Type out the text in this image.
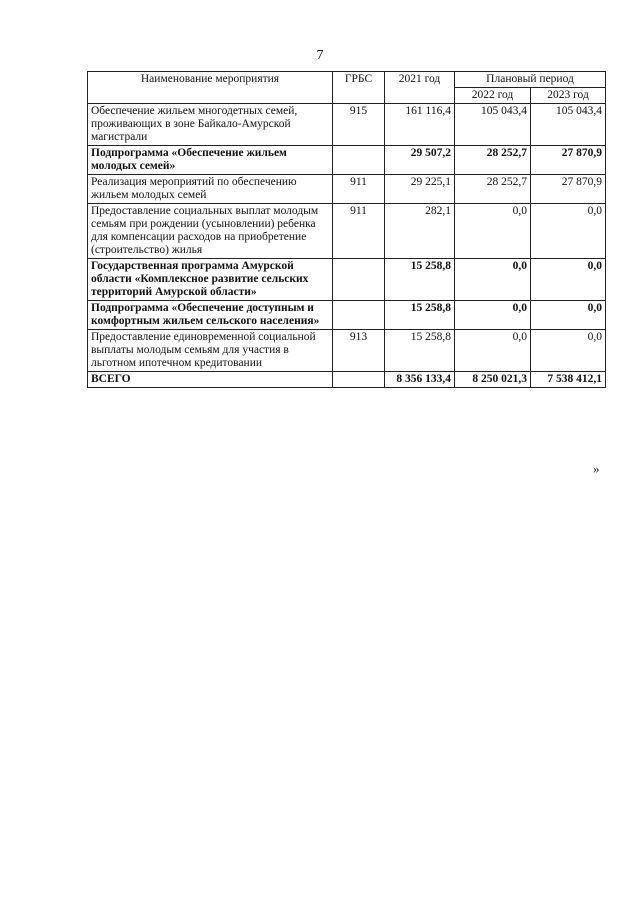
7
Наименование мероприятия	ГРБС	2021 год	Плановый период	
			2022 год	2023 год
Обеспечение жильем многодетных семей, проживающих в зоне Байкало-Амурской магистрали	915	161 116,4	105 043,4	105 043,4
Подпрограмма «Обеспечение жильем молодых семей»		29 507,2	28 252,7	27 870,9
Реализация мероприятий по обеспечению жильем молодых семей	911	29 225,1	28 252,7	27 870,9
Предоставление социальных выплат молодым семьям при рождении (усыновлении) ребенка для компенсации расходов на приобретение (строительство) жилья	911	282,1	0,0	0,0
Государственная программа Амурской области «Комплексное развитие сельских территорий Амурской области»		15 258,8	0,0	0,0
Подпрограмма «Обеспечение доступным и комфортным жильем сельского населения»		15 258,8	0,0	0,0
Предоставление единовременной социальной выплаты молодым семьям для участия в льготном ипотечном кредитовании	913	15 258,8	0,0	0,0
ВСЕГО		8 356 133,4	8 250 021,3	7 538 412,1
»
